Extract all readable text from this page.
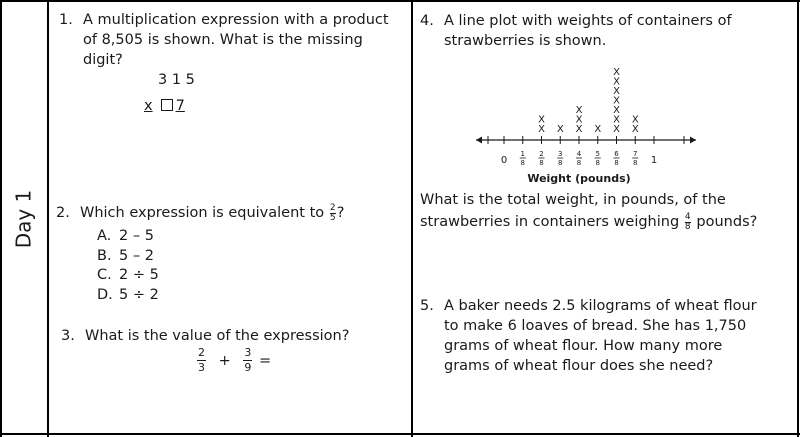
Day 1
1. A multiplication expression with a product
of 8,505 is shown. What is the missing
digit?
3 1 5
x 7
2. Which expression is equivalent to $\frac{2}{5}$ ?
A. 2 – 5
B. 5 – 2
C. 2 ÷ 5
D. 5 ÷ 2
3. What is the value of the expression?
$\frac{2}{3} + \frac{3}{9}$ =
4. A line plot with weights of containers of
strawberries is shown.
0
1
8
2
8
3
8
4
8
5
8
6
8
7
8 1
X
X
X X
X
X
X X
X
X
X
X
X
X
X
X
Weight (pounds)
What is the total weight, in pounds, of the
strawberries in containers weighing $\frac{4}{8}$ pounds?
5. A baker needs 2.5 kilograms of wheat flour
to make 6 loaves of bread. She has 1,750
grams of wheat flour. How many more
grams of wheat flour does she need?
